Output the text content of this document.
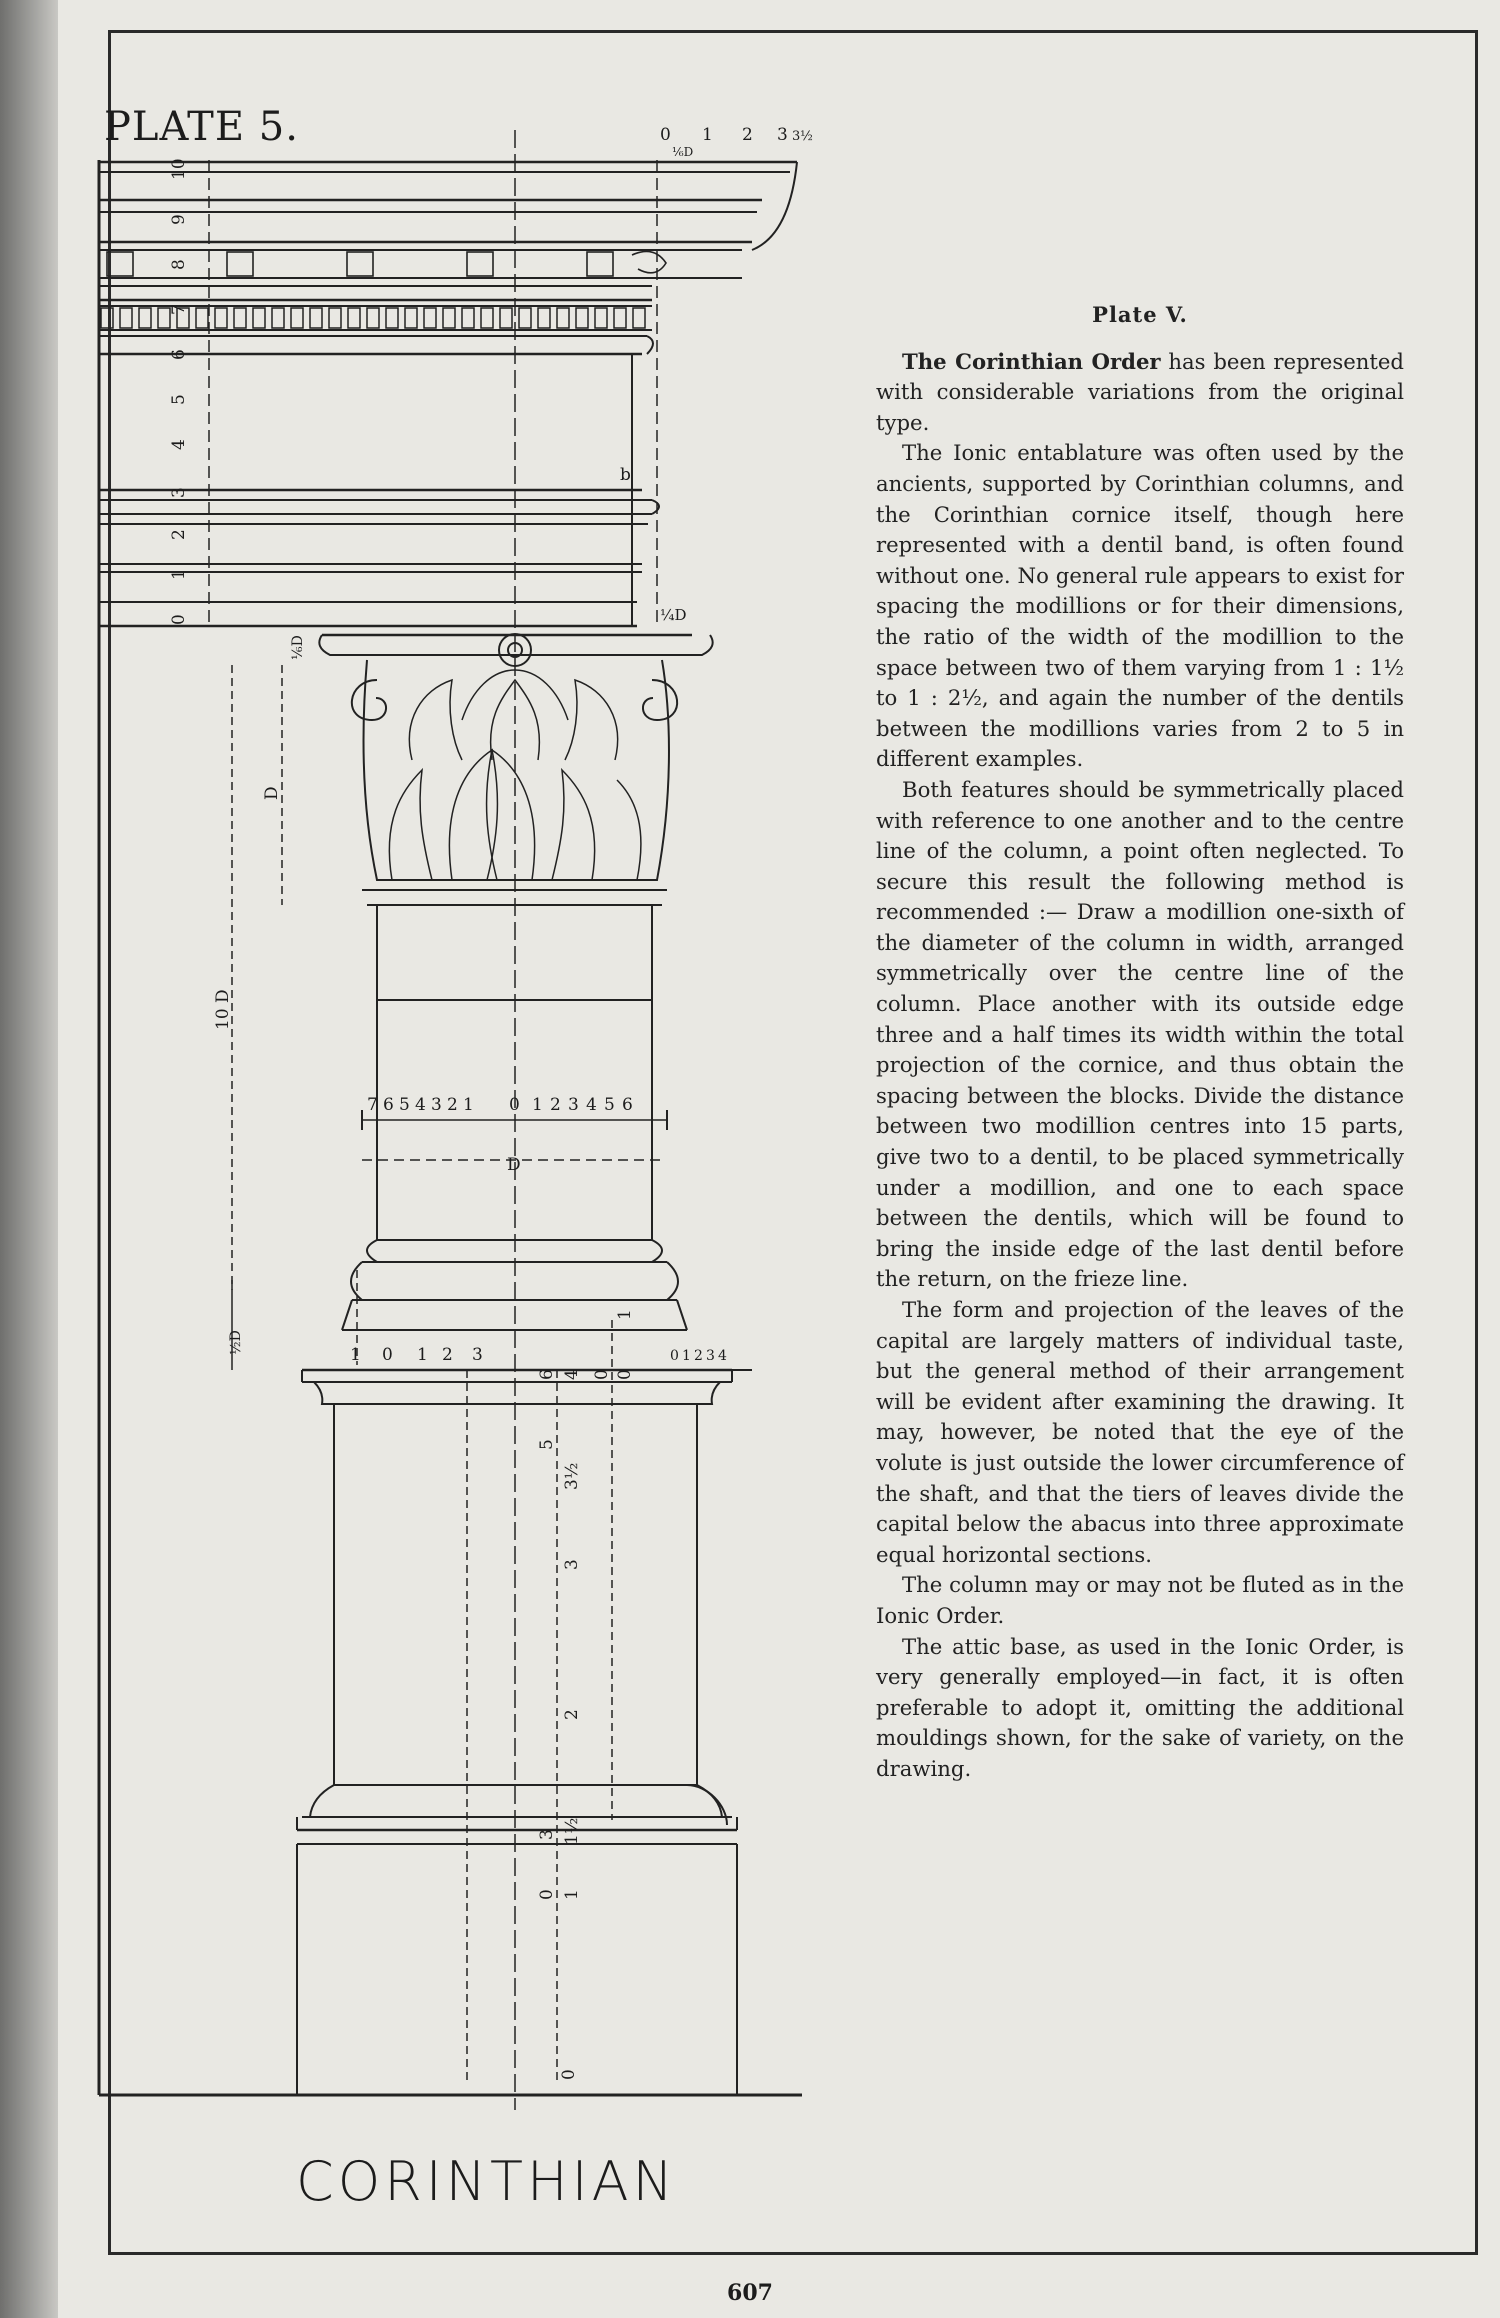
PLATE 5.	0 1 2 3 3½
⅙D
0
1
2
3
4
5
6
7
8
9
10
b
¼D
⅙D
D
10 D
7 6 5 4 3 2 1 0 1 2 3 4 5 6
D
½D	1 0 1 2 3	0 1 2 3 4
6 4 0
5
3½
3
2
3 1½
1
0
0
1
0
Plate V.

The Corinthian Order has been represented with considerable variations from the original type.

The Ionic entablature was often used by the ancients, supported by Corinthian columns, and the Corinthian cornice itself, though here represented with a dentil band, is often found without one. No general rule appears to exist for spacing the modillions or for their dimensions, the ratio of the width of the modillion to the space between two of them varying from 1 : 1½ to 1 : 2½, and again the number of the dentils between the modillions varies from 2 to 5 in different examples.

Both features should be symmetrically placed with reference to one another and to the centre line of the column, a point often neglected. To secure this result the following method is recommended :— Draw a modillion one-sixth of the diameter of the column in width, arranged symmetrically over the centre line of the column. Place another with its outside edge three and a half times its width within the total projection of the cornice, and thus obtain the spacing between the blocks. Divide the distance between two modillion centres into 15 parts, give two to a dentil, to be placed symmetrically under a modillion, and one to each space between the dentils, which will be found to bring the inside edge of the last dentil before the return, on the frieze line.

The form and projection of the leaves of the capital are largely matters of individual taste, but the general method of their arrangement will be evident after examining the drawing. It may, however, be noted that the eye of the volute is just outside the lower circumference of the shaft, and that the tiers of leaves divide the capital below the abacus into three approximate equal horizontal sections.

The column may or may not be fluted as in the Ionic Order.

The attic base, as used in the Ionic Order, is very generally employed—in fact, it is often preferable to adopt it, omitting the additional mouldings shown, for the sake of variety, on the drawing.

CORINTHIAN
607
